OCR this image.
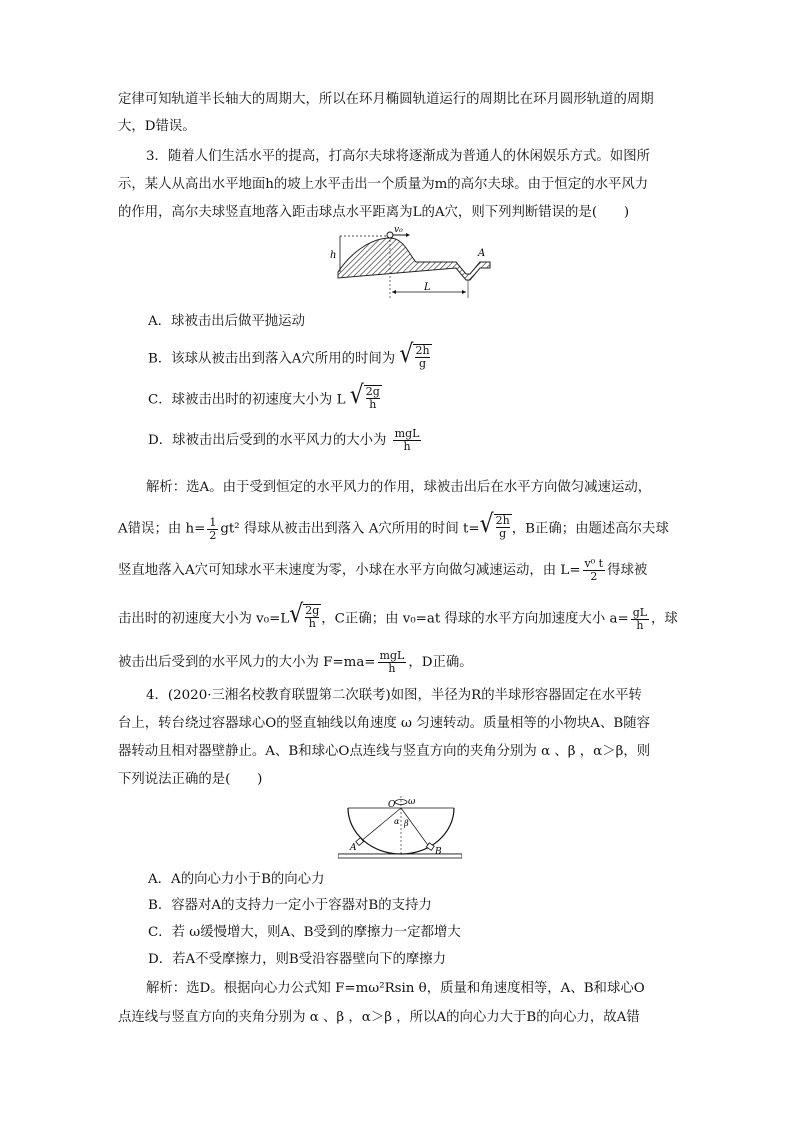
定律可知轨道半长轴大的周期大，所以在环月椭圆轨道运行的周期比在环月圆形轨道的周期
大，D错误。
3．随着人们生活水平的提高，打高尔夫球将逐渐成为普通人的休闲娱乐方式。如图所
示，某人从高出水平地面h的坡上水平击出一个质量为m的高尔夫球。由于恒定的水平风力
的作用，高尔夫球竖直地落入距击球点水平距离为L的A穴，则下列判断错误的是(　　)
v₀
h	A
L
A．球被击出后做平抛运动
B．该球从被击出到落入A穴所用的时间为 √ $\frac{2h}{g}$
C．球被击出时的初速度大小为 L √ $\frac{2g}{h}$
D．球被击出后受到的水平风力的大小为 $\frac{\text{mgL}}{h}$
解析：选A。由于受到恒定的水平风力的作用，球被击出后在水平方向做匀减速运动，
A错误；由 $h= \frac{1}{2} gt^2$ 得球从被击出到落入 A穴所用的时间 $t=√ \frac{2h}{g}$ ，B正确；由题述高尔夫球
竖直地落入A穴可知球水平末速度为零，小球在水平方向做匀减速运动，由 $L= \frac{\text{v⁰ t}}{2}$ 得球被
击出时的初速度大小为 $v_0=L√ \frac{2g}{h}$ ，C正确；由 v₀=at 得球的水平方向加速度大小 $a= \frac{gL}{h}$ ，球
被击出后受到的水平风力的大小为 $F=ma= \frac{\text{mgL}}{h}$ ，D正确。
4．(2020·三湘名校教育联盟第二次联考)如图，半径为R的半球形容器固定在水平转
台上，转台绕过容器球心O的竖直轴线以角速度 ω 匀速转动。质量相等的小物块A、B随容
器转动且相对器壁静止。A、B和球心O点连线与竖直方向的夹角分别为 α 、β ，α＞β，则
下列说法正确的是(　　)
O ω
α β
A	B
A．A的向心力小于B的向心力
B．容器对A的支持力一定小于容器对B的支持力
C．若 ω缓慢增大，则A、B受到的摩擦力一定都增大
D．若A不受摩擦力，则B受沿容器壁向下的摩擦力
解析：选D。根据向心力公式知 F=mω²Rsin θ，质量和角速度相等，A、B和球心O
点连线与竖直方向的夹角分别为 α 、β ，α＞β ，所以A的向心力大于B的向心力，故A错
